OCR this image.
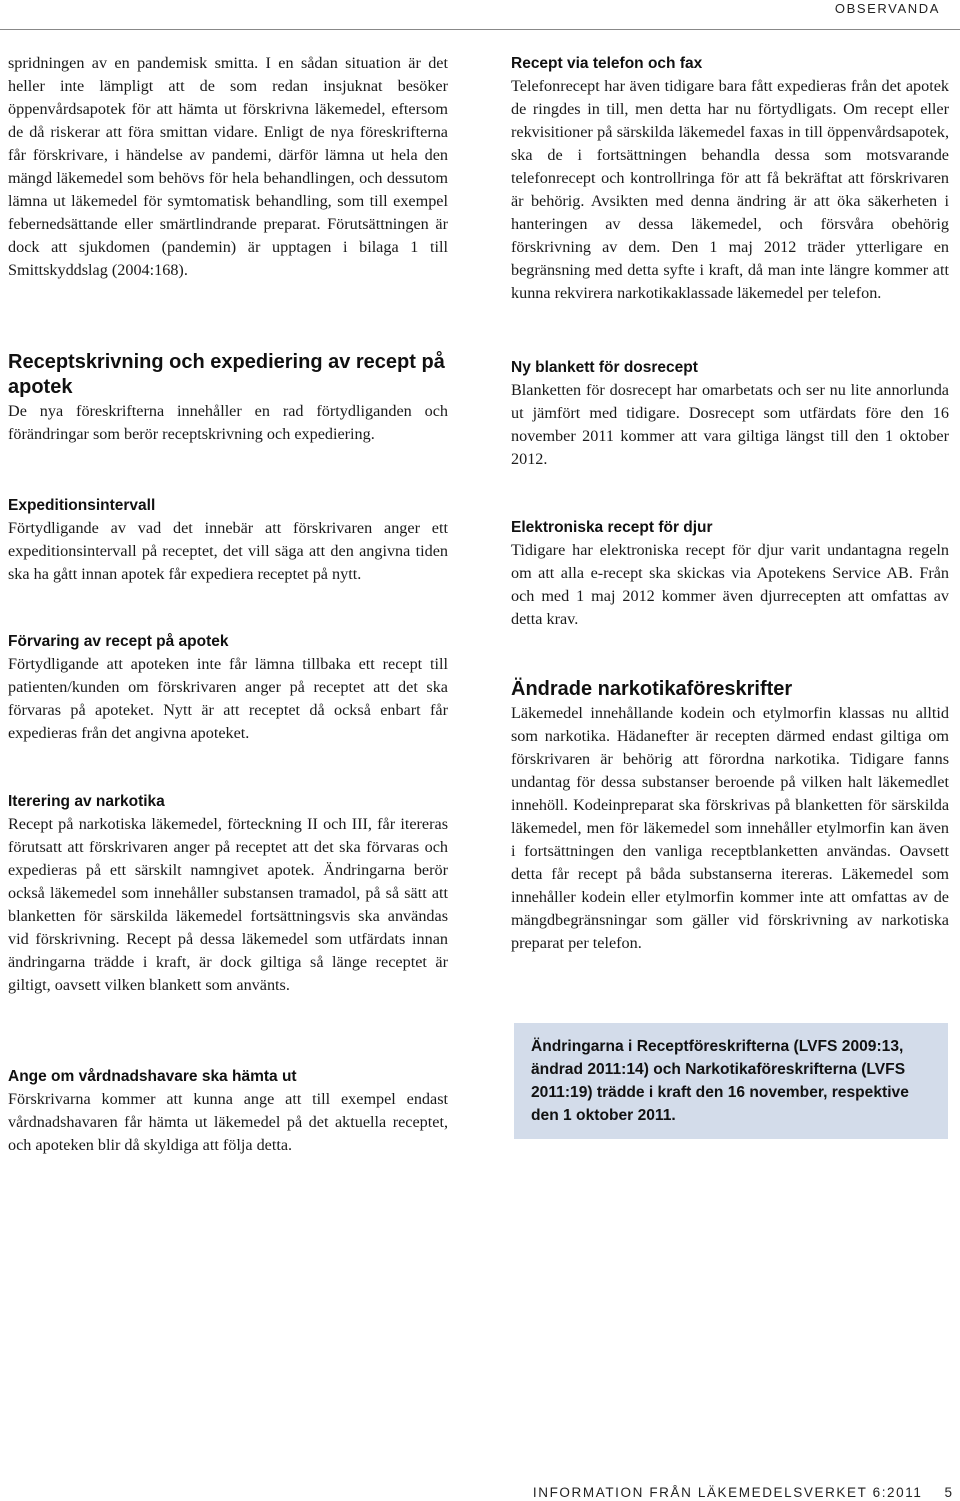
OBSERVANDA

spridningen av en pandemisk smitta. I en sådan situation är det heller inte lämpligt att de som redan insjuknat besöker öppenvårdsapotek för att hämta ut förskrivna läkemedel, eftersom de då riskerar att föra smittan vidare. Enligt de nya föreskrifterna får förskrivare, i händelse av pandemi, därför lämna ut hela den mängd läkemedel som behövs för hela behandlingen, och dessutom lämna ut läkemedel för symtomatisk behandling, som till exempel febernedsättande eller smärtlindrande preparat. Förutsättningen är dock att sjukdomen (pandemin) är upptagen i bilaga 1 till Smittskyddslag (2004:168).

Receptskrivning och expediering av recept på apotek

De nya föreskrifterna innehåller en rad förtydliganden och förändringar som berör receptskrivning och expediering.

Expeditionsintervall

Förtydligande av vad det innebär att förskrivaren anger ett expeditionsintervall på receptet, det vill säga att den angivna tiden ska ha gått innan apotek får expediera receptet på nytt.

Förvaring av recept på apotek

Förtydligande att apoteken inte får lämna tillbaka ett recept till patienten/kunden om förskrivaren anger på receptet att det ska förvaras på apoteket. Nytt är att receptet då också enbart får expedieras från det angivna apoteket.

Iterering av narkotika

Recept på narkotiska läkemedel, förteckning II och III, får itereras förutsatt att förskrivaren anger på receptet att det ska förvaras och expedieras på ett särskilt namngivet apotek. Ändringarna berör också läkemedel som innehåller substansen tramadol, på så sätt att blanketten för särskilda läkemedel fortsättningsvis ska användas vid förskrivning. Recept på dessa läkemedel som utfärdats innan ändringarna trädde i kraft, är dock giltiga så länge receptet är giltigt, oavsett vilken blankett som använts.

Ange om vårdnadshavare ska hämta ut

Förskrivarna kommer att kunna ange att till exempel endast vårdnadshavaren får hämta ut läkemedel på det aktuella receptet, och apoteken blir då skyldiga att följa detta.

Recept via telefon och fax

Telefonrecept har även tidigare bara fått expedieras från det apotek de ringdes in till, men detta har nu förtydligats. Om recept eller rekvisitioner på särskilda läkemedel faxas in till öppenvårdsapotek, ska de i fortsättningen behandla dessa som motsvarande telefonrecept och kontrollringa för att få bekräftat att förskrivaren är behörig. Avsikten med denna ändring är att öka säkerheten i hanteringen av dessa läkemedel, och försvåra obehörig förskrivning av dem. Den 1 maj 2012 träder ytterligare en begränsning med detta syfte i kraft, då man inte längre kommer att kunna rekvirera narkotikaklassade läkemedel per telefon.

Ny blankett för dosrecept

Blanketten för dosrecept har omarbetats och ser nu lite annorlunda ut jämfört med tidigare. Dosrecept som utfärdats före den 16 november 2011 kommer att vara giltiga längst till den 1 oktober 2012.

Elektroniska recept för djur

Tidigare har elektroniska recept för djur varit undantagna regeln om att alla e-recept ska skickas via Apotekens Service AB. Från och med 1 maj 2012 kommer även djurrecepten att omfattas av detta krav.

Ändrade narkotikaföreskrifter

Läkemedel innehållande kodein och etylmorfin klassas nu alltid som narkotika. Hädanefter är recepten därmed endast giltiga om förskrivaren är behörig att förordna narkotika. Tidigare fanns undantag för dessa substanser beroende på vilken halt läkemedlet innehöll. Kodeinpreparat ska förskrivas på blanketten för särskilda läkemedel, men för läkemedel som innehåller etylmorfin kan även i fortsättningen den vanliga receptblanketten användas. Oavsett detta får recept på båda substanserna itereras. Läkemedel som innehåller kodein eller etylmorfin kommer inte att omfattas av de mängdbegränsningar som gäller vid förskrivning av narkotiska preparat per telefon.

Ändringarna i Receptföreskrifterna (LVFS 2009:13, ändrad 2011:14) och Narkotikaföreskrifterna (LVFS 2011:19) trädde i kraft den 16 november, respektive den 1 oktober 2011.
INFORMATION FRÅN LÄKEMEDELSVERKET 6:2011 5
